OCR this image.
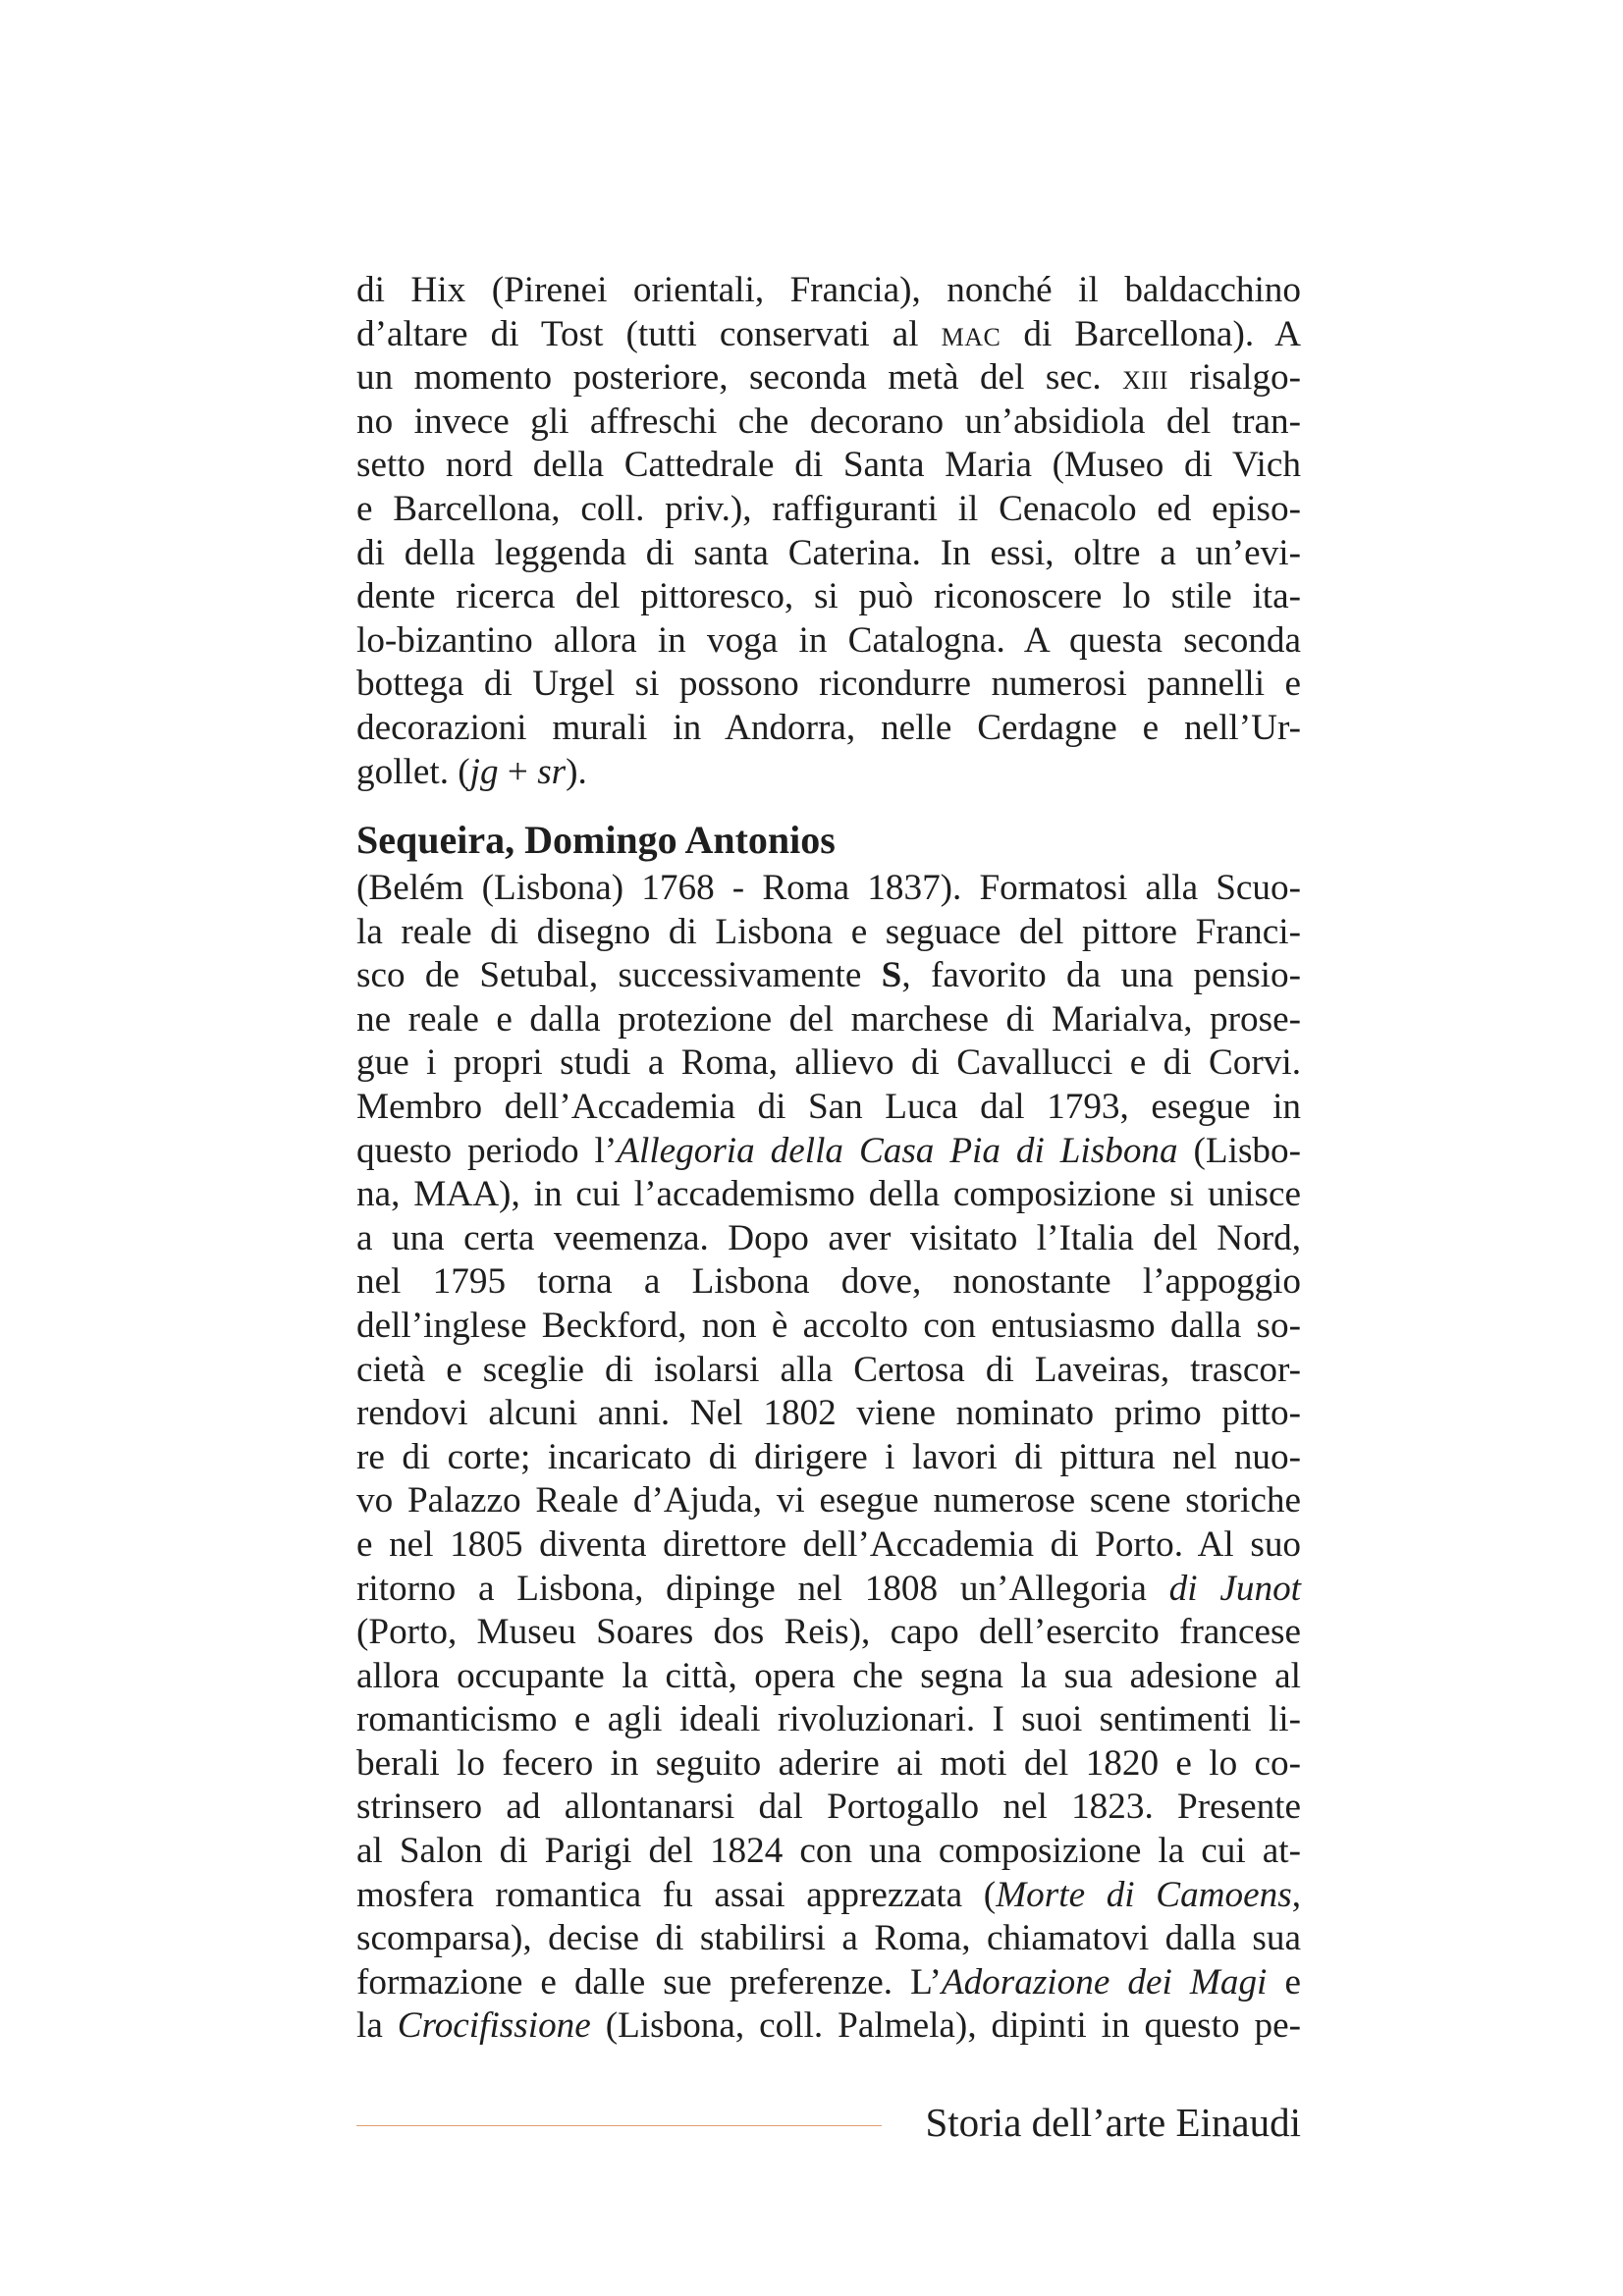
di Hix (Pirenei orientali, Francia), nonché il baldacchino
d’altare di Tost (tutti conservati al mac di Barcellona). A
un momento posteriore, seconda metà del sec. xiii risalgo-
no invece gli affreschi che decorano un’absidiola del tran-
setto nord della Cattedrale di Santa Maria (Museo di Vich
e Barcellona, coll. priv.), raffiguranti il Cenacolo ed episo-
di della leggenda di santa Caterina. In essi, oltre a un’evi-
dente ricerca del pittoresco, si può riconoscere lo stile ita-
lo-bizantino allora in voga in Catalogna. A questa seconda
bottega di Urgel si possono ricondurre numerosi pannelli e
decorazioni murali in Andorra, nelle Cerdagne e nell’Ur-
gollet. (jg + sr).
Sequeira, Domingo Antonios
(Belém (Lisbona) 1768 - Roma 1837). Formatosi alla Scuo-
la reale di disegno di Lisbona e seguace del pittore Franci-
sco de Setubal, successivamente S, favorito da una pensio-
ne reale e dalla protezione del marchese di Marialva, prose-
gue i propri studi a Roma, allievo di Cavallucci e di Corvi.
Membro dell’Accademia di San Luca dal 1793, esegue in
questo periodo l’Allegoria della Casa Pia di Lisbona (Lisbo-
na, MAA), in cui l’accademismo della composizione si unisce
a una certa veemenza. Dopo aver visitato l’Italia del Nord,
nel 1795 torna a Lisbona dove, nonostante l’appoggio
dell’inglese Beckford, non è accolto con entusiasmo dalla so-
cietà e sceglie di isolarsi alla Certosa di Laveiras, trascor-
rendovi alcuni anni. Nel 1802 viene nominato primo pitto-
re di corte; incaricato di dirigere i lavori di pittura nel nuo-
vo Palazzo Reale d’Ajuda, vi esegue numerose scene storiche
e nel 1805 diventa direttore dell’Accademia di Porto. Al suo
ritorno a Lisbona, dipinge nel 1808 un’Allegoria di Junot
(Porto, Museu Soares dos Reis), capo dell’esercito francese
allora occupante la città, opera che segna la sua adesione al
romanticismo e agli ideali rivoluzionari. I suoi sentimenti li-
berali lo fecero in seguito aderire ai moti del 1820 e lo co-
strinsero ad allontanarsi dal Portogallo nel 1823. Presente
al Salon di Parigi del 1824 con una composizione la cui at-
mosfera romantica fu assai apprezzata (Morte di Camoens,
scomparsa), decise di stabilirsi a Roma, chiamatovi dalla sua
formazione e dalle sue preferenze. L’Adorazione dei Magi e
la Crocifissione (Lisbona, coll. Palmela), dipinti in questo pe-
Storia dell’arte Einaudi
